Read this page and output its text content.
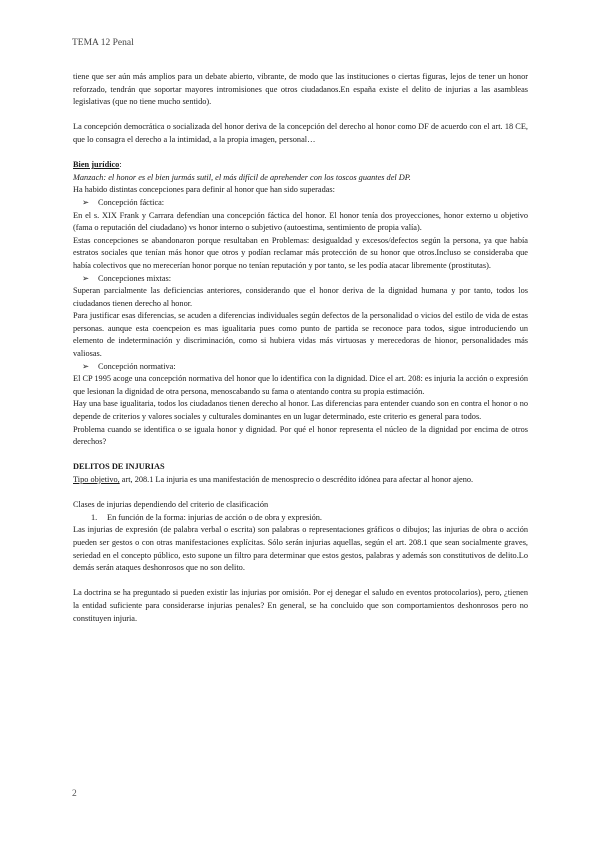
TEMA 12 Penal

tiene que ser aún más amplios para un debate abierto, vibrante, de modo que las instituciones o ciertas figuras, lejos de tener un honor reforzado, tendrán que soportar mayores intromisiones que otros ciudadanos.En españa existe el delito de injurias a las asambleas legislativas (que no tiene mucho sentido).

La concepción democrática o socializada del honor deriva de la concepción del derecho al honor como DF de acuerdo con el art. 18 CE, que lo consagra el derecho a la intimidad, a la propia imagen, personal…

Bien jurídico:

Manzach: el honor es el bien jurmás sutil, el más difícil de aprehender con los toscos guantes del DP.

Ha habido distintas concepciones para definir al honor que han sido superadas:

➢	Concepción fáctica:

En el s. XIX Frank y Carrara defendían una concepción fáctica del honor. El honor tenía dos proyecciones, honor externo u objetivo (fama o reputación del ciudadano) vs honor interno o subjetivo (autoestima, sentimiento de propia valía).

Estas concepciones se abandonaron porque resultaban en Problemas: desigualdad y excesos/defectos según la persona, ya que había estratos sociales que tenían más honor que otros y podían reclamar más protección de su honor que otros.Incluso se consideraba que había colectivos que no merecerían honor porque no tenían reputación y por tanto, se les podía atacar libremente (prostitutas).

➢	Concepciones mixtas:

Superan parcialmente las deficiencias anteriores, considerando que el honor deriva de la dignidad humana y por tanto, todos los ciudadanos tienen derecho al honor.

Para justificar esas diferencias, se acuden a diferencias individuales según defectos de la personalidad o vicios del estilo de vida de estas personas. aunque esta coencpeion es mas igualitaria pues como punto de partida se reconoce para todos, sigue introduciendo un elemento de indeterminación y discriminación, como si hubiera vidas más virtuosas y merecedoras de hionor, personalidades más valiosas.

➢	Concepción normativa:

El CP 1995 acoge una concepción normativa del honor que lo identifica con la dignidad. Dice el art. 208: es injuria la acción o expresión que lesionan la dignidad de otra persona, menoscabando su fama o atentando contra su propia estimación.

Hay una base igualitaria, todos los ciudadanos tienen derecho al honor. Las diferencias para entender cuando son en contra el honor o no depende de criterios y valores sociales y culturales dominantes en un lugar determinado, este criterio es general para todos.

Problema cuando se identifica o se iguala honor y dignidad. Por qué el honor representa el núcleo de la dignidad por encima de otros derechos?

DELITOS DE INJURIAS

Tipo objetivo, art, 208.1 La injuria es una manifestación de menosprecio o descrédito idónea para afectar al honor ajeno.

Clases de injurias dependiendo del criterio de clasificación

1.	En función de la forma: injurias de acción o de obra y expresión.

Las injurias de expresión (de palabra verbal o escrita) son palabras o representaciones gráficos o dibujos; las injurias de obra o acción pueden ser gestos o con otras manifestaciones explícitas. Sólo serán injurias aquellas, según el art. 208.1 que sean socialmente graves, seriedad en el concepto público, esto supone un filtro para determinar que estos gestos, palabras y además son constitutivos de delito.Lo demás serán ataques deshonrosos que no son delito.

La doctrina se ha preguntado si pueden existir las injurias por omisión. Por ej denegar el saludo en eventos protocolarios), pero, ¿tienen la entidad suficiente para considerarse injurias penales? En general, se ha concluido que son comportamientos deshonrosos pero no constituyen injuria.

2
